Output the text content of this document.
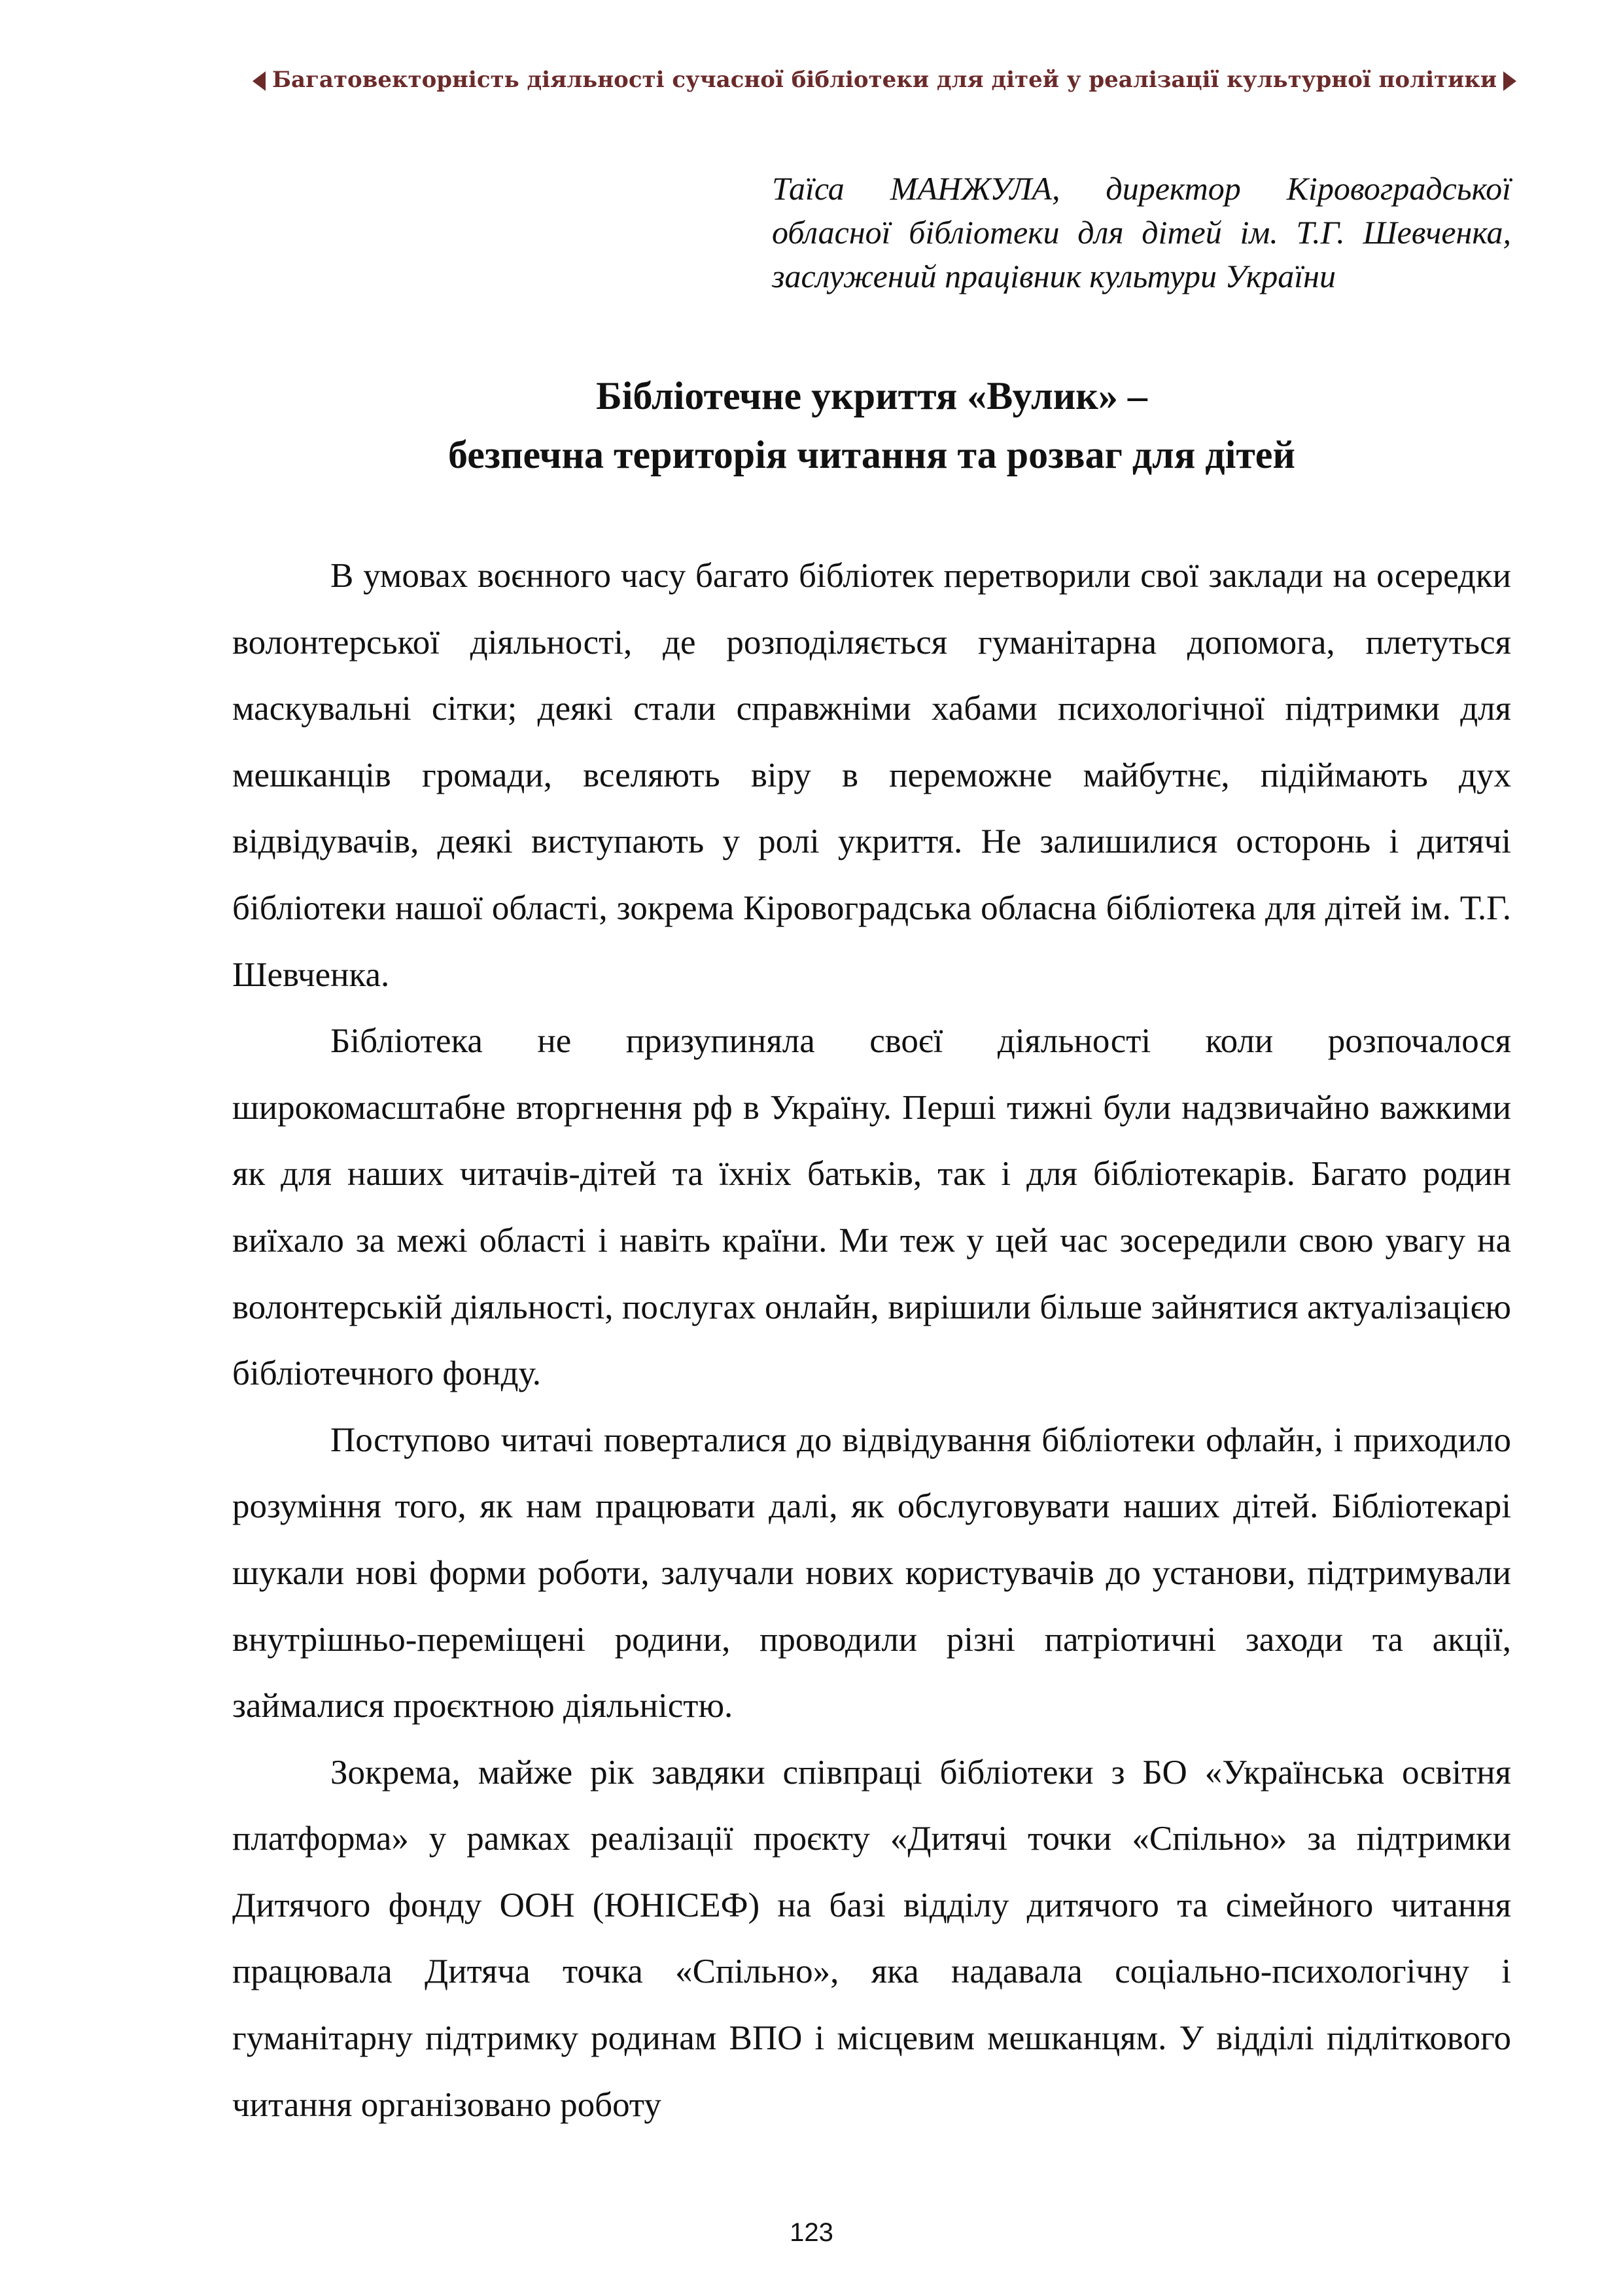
Багатовекторність діяльності сучасної бібліотеки для дітей у реалізації культурної політики
Таїса МАНЖУЛА, директор Кіровоградської обласної бібліотеки для дітей ім. Т.Г. Шевченка, заслужений працівник культури України
Бібліотечне укриття «Вулик» –
безпечна територія читання та розваг для дітей

В умовах воєнного часу багато бібліотек перетворили свої заклади на осередки волонтерської діяльності, де розподіляється гуманітарна допомога, плетуться маскувальні сітки; деякі стали справжніми хабами психологічної підтримки для мешканців громади, вселяють віру в переможне майбутнє, підіймають дух відвідувачів, деякі виступають у ролі укриття. Не залишилися осторонь і дитячі бібліотеки нашої області, зокрема Кіровоградська обласна бібліотека для дітей ім. Т.Г. Шевченка.

Бібліотека не призупиняла своєї діяльності коли розпочалося широкомасштабне вторгнення рф в Україну. Перші тижні були надзвичайно важкими як для наших читачів-дітей та їхніх батьків, так і для бібліотекарів. Багато родин виїхало за межі області і навіть країни. Ми теж у цей час зосередили свою увагу на волонтерській діяльності, послугах онлайн, вирішили більше зайнятися актуалізацією бібліотечного фонду.

Поступово читачі поверталися до відвідування бібліотеки офлайн, і приходило розуміння того, як нам працювати далі, як обслуговувати наших дітей. Бібліотекарі шукали нові форми роботи, залучали нових користувачів до установи, підтримували внутрішньо-переміщені родини, проводили різні патріотичні заходи та акції, займалися проєктною діяльністю.

Зокрема, майже рік завдяки співпраці бібліотеки з БО «Українська освітня платформа» у рамках реалізації проєкту «Дитячі точки «Спільно» за підтримки Дитячого фонду ООН (ЮНІСЕФ) на базі відділу дитячого та сімейного читання працювала Дитяча точка «Спільно», яка надавала соціально-психологічну і гуманітарну підтримку родинам ВПО і місцевим мешканцям. У відділі підліткового читання організовано роботу

123
